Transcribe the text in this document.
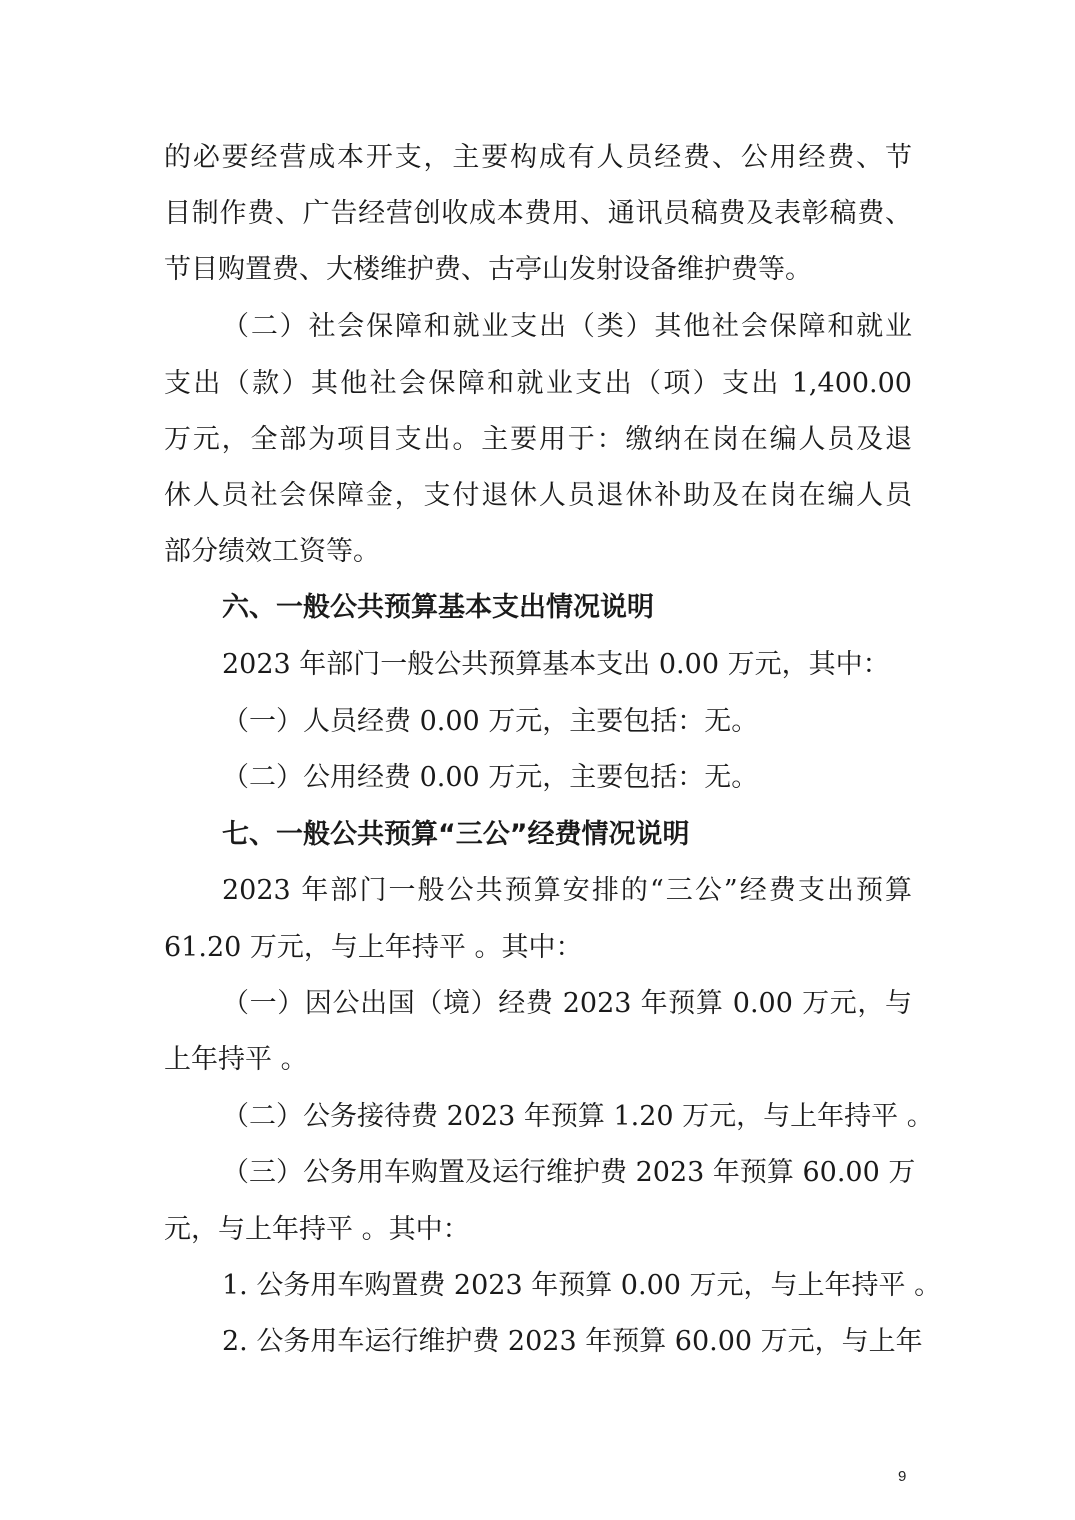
的必要经营成本开支，主要构成有人员经费、公用经费、节
目制作费、广告经营创收成本费用、通讯员稿费及表彰稿费、
节目购置费、大楼维护费、古亭山发射设备维护费等。
（二）社会保障和就业支出（类）其他社会保障和就业
支出（款）其他社会保障和就业支出（项）支出 1,400.00
万元，全部为项目支出。主要用于：缴纳在岗在编人员及退
休人员社会保障金，支付退休人员退休补助及在岗在编人员
部分绩效工资等。
六、一般公共预算基本支出情况说明
2023 年部门一般公共预算基本支出 0.00 万元，其中：
（一）人员经费 0.00 万元，主要包括：无。
（二）公用经费 0.00 万元，主要包括：无。
七、一般公共预算“三公”经费情况说明
2023 年部门一般公共预算安排的“三公”经费支出预算
61.20 万元，与上年持平 。其中：
（一）因公出国（境）经费 2023 年预算 0.00 万元，与
上年持平 。
（二）公务接待费 2023 年预算 1.20 万元，与上年持平 。
（三）公务用车购置及运行维护费 2023 年预算 60.00 万
元，与上年持平 。其中：
1. 公务用车购置费 2023 年预算 0.00 万元，与上年持平 。
2. 公务用车运行维护费 2023 年预算 60.00 万元，与上年
9
